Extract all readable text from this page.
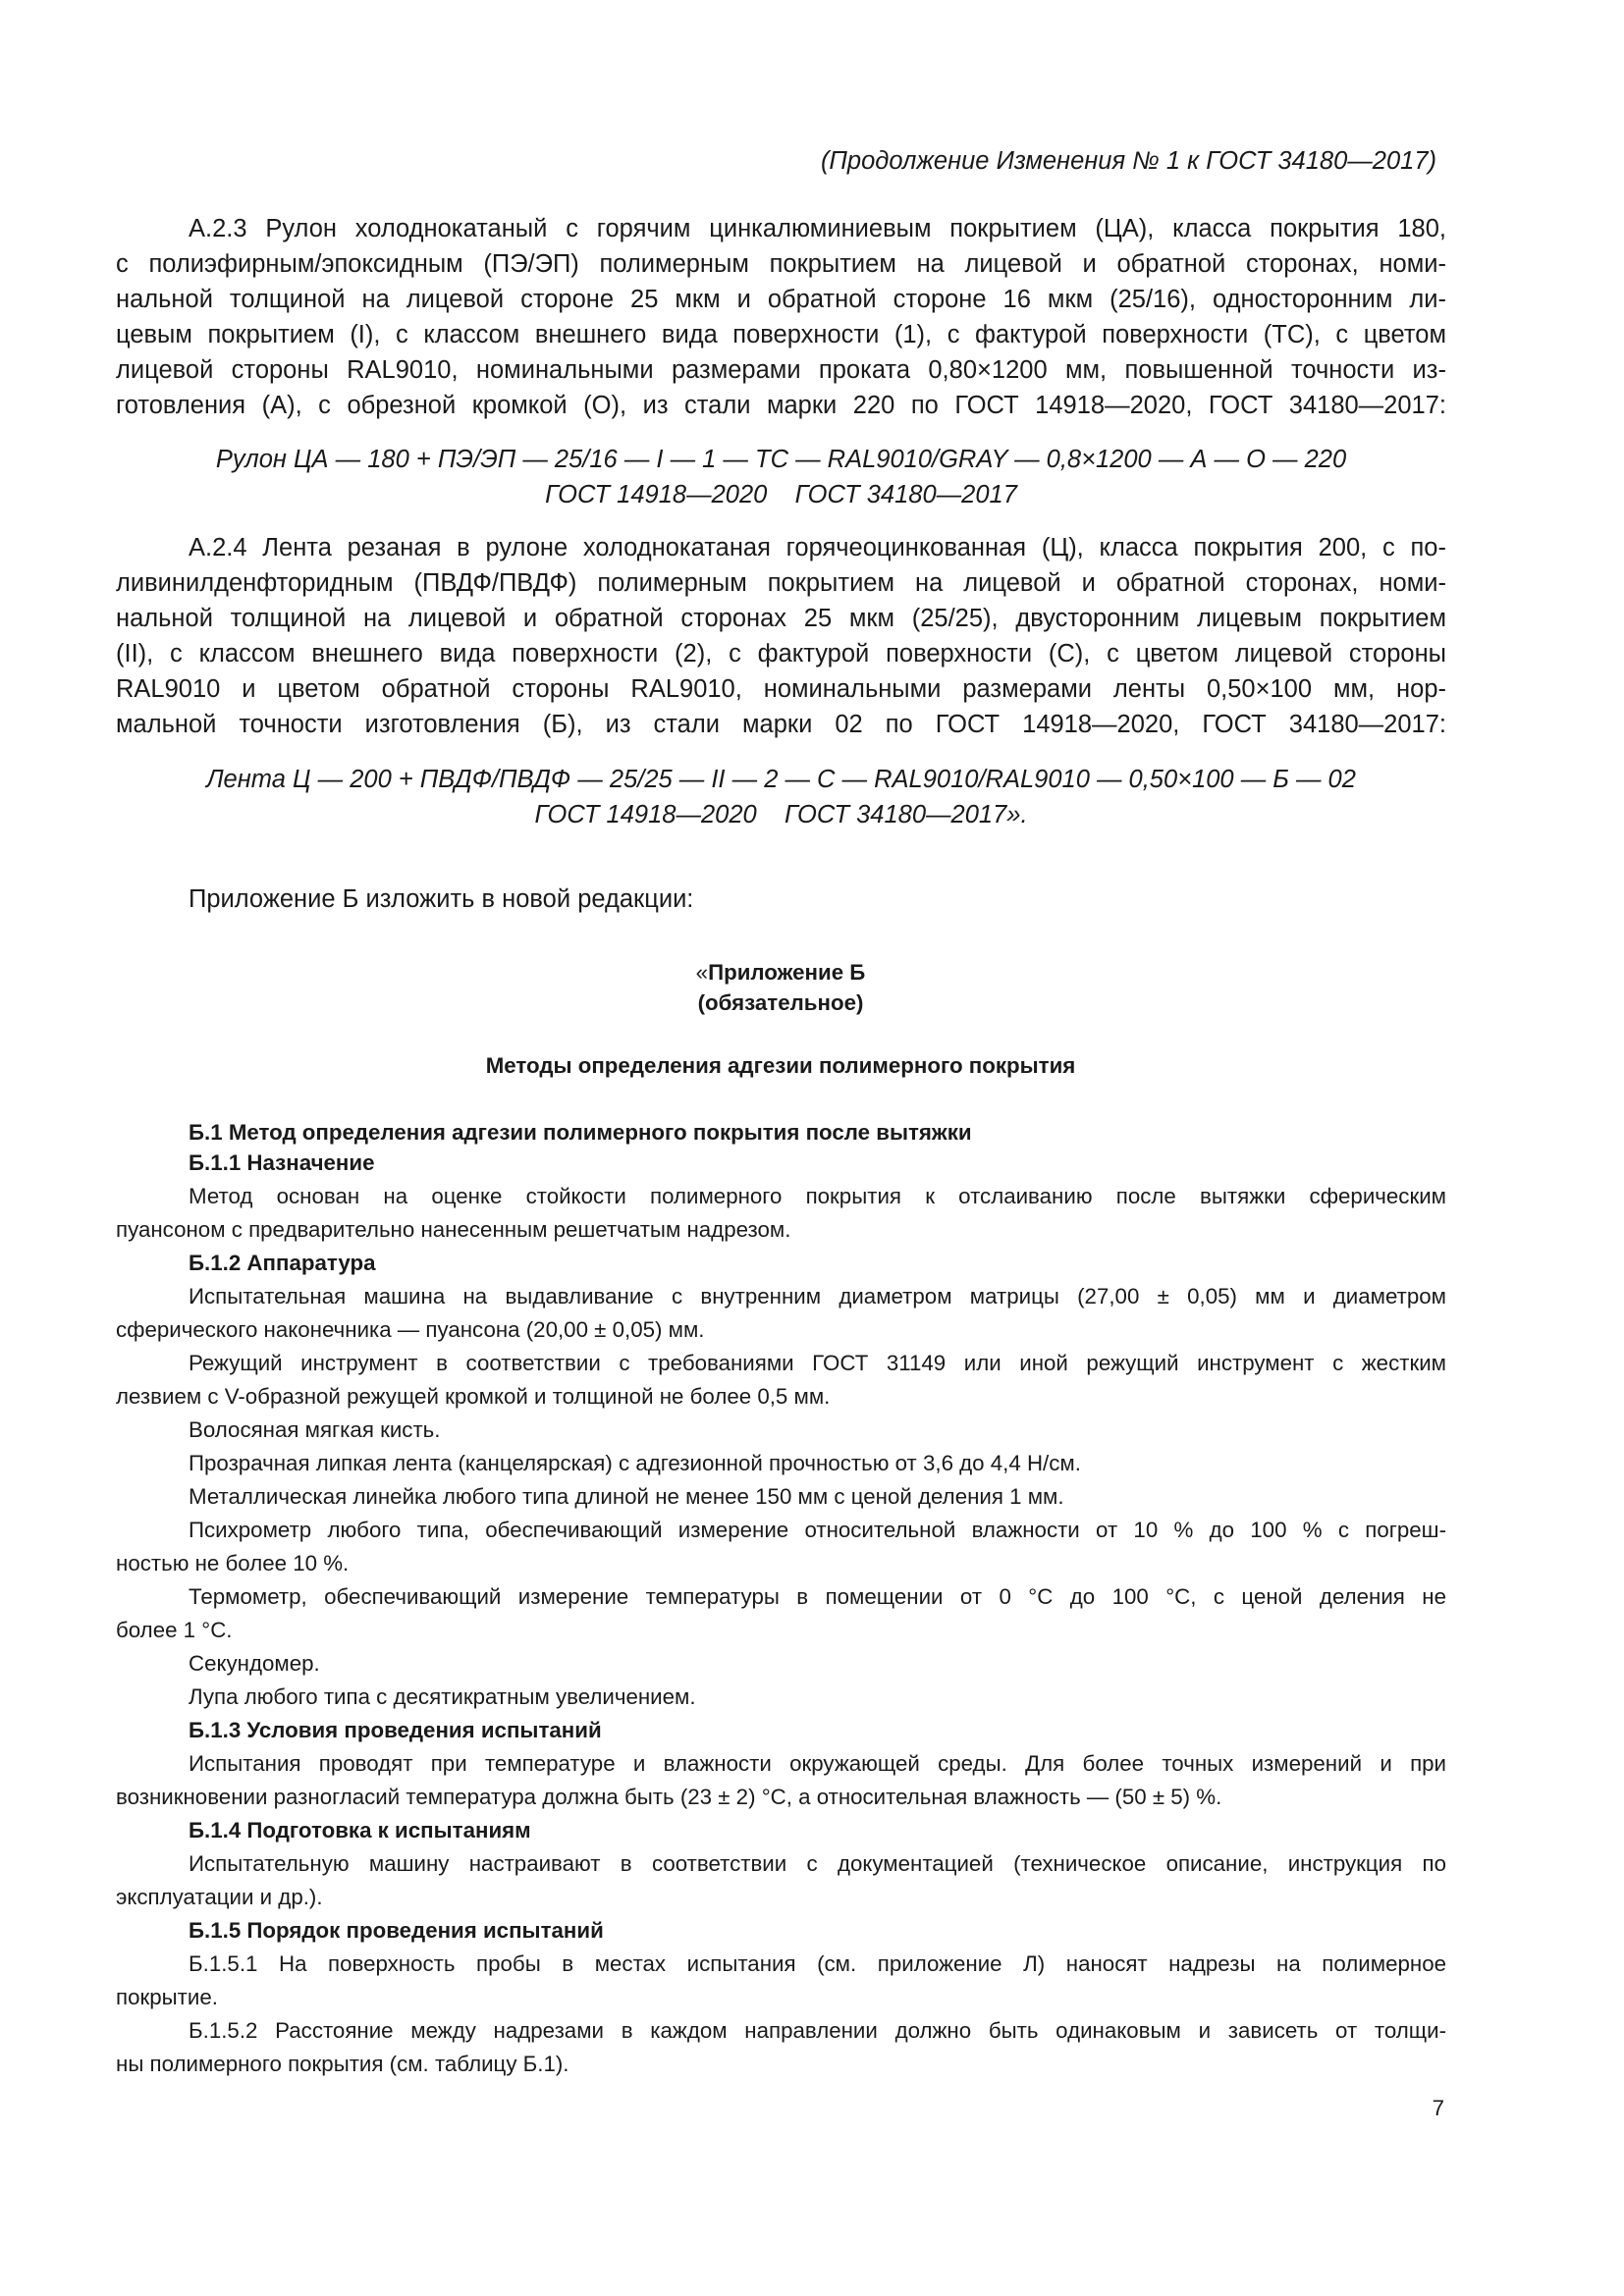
(Продолжение Изменения № 1 к ГОСТ 34180—2017)

А.2.3 Рулон холоднокатаный с горячим цинкалюминиевым покрытием (ЦА), класса покрытия 180,

с полиэфирным/эпоксидным (ПЭ/ЭП) полимерным покрытием на лицевой и обратной сторонах, номи-

нальной толщиной на лицевой стороне 25 мкм и обратной стороне 16 мкм (25/16), односторонним ли-

цевым покрытием (I), с классом внешнего вида поверхности (1), с фактурой поверхности (ТС), с цветом

лицевой стороны RAL9010, номинальными размерами проката 0,80×1200 мм, повышенной точности из-

готовления (А), с обрезной кромкой (О), из стали марки 220 по ГОСТ 14918—2020, ГОСТ 34180—2017:

Рулон ЦА — 180 + ПЭ/ЭП — 25/16 — I — 1 — ТС — RAL9010/GRAY — 0,8×1200 — А — О — 220

ГОСТ 14918—2020    ГОСТ 34180—2017

А.2.4 Лента резаная в рулоне холоднокатаная горячеоцинкованная (Ц), класса покрытия 200, с по-

ливинилденфторидным (ПВДФ/ПВДФ) полимерным покрытием на лицевой и обратной сторонах, номи-

нальной толщиной на лицевой и обратной сторонах 25 мкм (25/25), двусторонним лицевым покрытием

(II), с классом внешнего вида поверхности (2), с фактурой поверхности (С), с цветом лицевой стороны

RAL9010 и цветом обратной стороны RAL9010, номинальными размерами ленты 0,50×100 мм, нор-

мальной точности изготовления (Б), из стали марки 02 по ГОСТ 14918—2020, ГОСТ 34180—2017:

Лента Ц — 200 + ПВДФ/ПВДФ — 25/25 — II — 2 — С — RAL9010/RAL9010 — 0,50×100 — Б — 02

ГОСТ 14918—2020    ГОСТ 34180—2017».

Приложение Б изложить в новой редакции:

«Приложение Б

(обязательное)

Методы определения адгезии полимерного покрытия

Б.1 Метод определения адгезии полимерного покрытия после вытяжки

Б.1.1 Назначение

Метод основан на оценке стойкости полимерного покрытия к отслаиванию после вытяжки сферическим

пуансоном с предварительно нанесенным решетчатым надрезом.

Б.1.2 Аппаратура

Испытательная машина на выдавливание с внутренним диаметром матрицы (27,00 ± 0,05) мм и диаметром

сферического наконечника — пуансона (20,00 ± 0,05) мм.

Режущий инструмент в соответствии с требованиями ГОСТ 31149 или иной режущий инструмент с жестким

лезвием с V-образной режущей кромкой и толщиной не более 0,5 мм.

Волосяная мягкая кисть.

Прозрачная липкая лента (канцелярская) с адгезионной прочностью от 3,6 до 4,4 Н/см.

Металлическая линейка любого типа длиной не менее 150 мм с ценой деления 1 мм.

Психрометр любого типа, обеспечивающий измерение относительной влажности от 10 % до 100 % с погреш-

ностью не более 10 %.

Термометр, обеспечивающий измерение температуры в помещении от 0 °С до 100 °С, с ценой деления не

более 1 °С.

Секундомер.

Лупа любого типа с десятикратным увеличением.

Б.1.3 Условия проведения испытаний

Испытания проводят при температуре и влажности окружающей среды. Для более точных измерений и при

возникновении разногласий температура должна быть (23 ± 2) °С, а относительная влажность — (50 ± 5) %.

Б.1.4 Подготовка к испытаниям

Испытательную машину настраивают в соответствии с документацией (техническое описание, инструкция по

эксплуатации и др.).

Б.1.5 Порядок проведения испытаний

Б.1.5.1 На поверхность пробы в местах испытания (см. приложение Л) наносят надрезы на полимерное

покрытие.

Б.1.5.2 Расстояние между надрезами в каждом направлении должно быть одинаковым и зависеть от толщи-

ны полимерного покрытия (см. таблицу Б.1).

7
